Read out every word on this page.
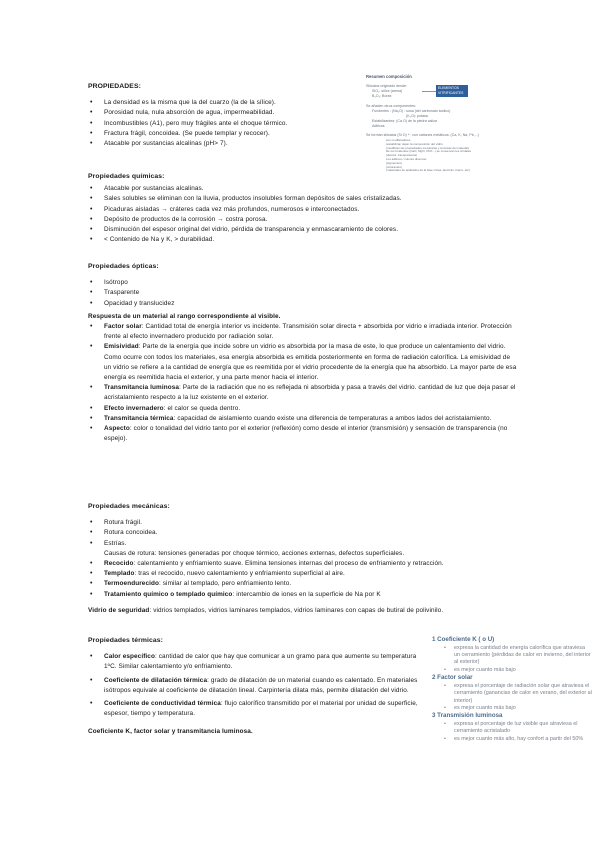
Resumen composición
Silicatos originado desde:
SiO₂: sílice (arena)
B₂O₃: Bórax
ELEMENTOS VITRIFICANTES
Se añaden otros componentes:
Fundentes : (Na₂O) : sosa (del carbonato sódico)
(K₂O): potasa
Estabilizantes: (Ca O) de la piedra caliza
Aditivos
Se forman silicatos (Si O) ⁴⁻ con cationes metálicos: (Ca, K, Na, Pb,...)
son modificadores
(estabilizan dejan la composición del vidrio
(modifican las propiedades mecánicas y térmicas del material)
De los fundentes (CaO, MgO, PbO...) se conservan los cristales
(dureza, transparencia)
Los aditivos / colores diversos:
(pigmentos)
(colorantes)
(materiales de acabados de la fase vítrea: aluminio, hierro, etc)

PROPIEDADES:

• La densidad es la misma que la del cuarzo (la de la sílice).
• Porosidad nula, nula absorción de agua, impermeabilidad.
• Incombustibles (A1), pero muy frágiles ante el choque térmico.
• Fractura frágil, concoidea. (Se puede templar y recocer).
• Atacable por sustancias alcalinas (pH> 7).

Propiedades químicas:

• Atacable por sustancias alcalinas.
• Sales solubles se eliminan con la lluvia, productos insolubles forman depósitos de sales cristalizadas.
• Picaduras aisladas → cráteres cada vez más profundos, numerosos e interconectados.
• Depósito de productos de la corrosión → costra porosa.
• Disminución del espesor original del vidrio, pérdida de transparencia y enmascaramiento de colores.
• < Contenido de Na y K, > durabilidad.

Propiedades ópticas:

• Isótropo
• Trasparente
• Opacidad y translucidez

Respuesta de un material al rango correspondiente al visible.

• Factor solar: Cantidad total de energía interior vs incidente. Transmisión solar directa + absorbida por vidrio e irradiada interior. Protección frente al efecto invernadero producido por radiación solar.
• Emisividad: Parte de la energía que incide sobre un vidrio es absorbida por la masa de este, lo que produce un calentamiento del vidrio. Como ocurre con todos los materiales, esa energía absorbida es emitida posteriormente en forma de radiación calorífica. La emisividad de un vidrio se refiere a la cantidad de energía que es reemitida por el vidrio procedente de la energía que ha absorbido. La mayor parte de esa energía es reemitida hacia el exterior, y una parte menor hacia el interior.
• Transmitancia luminosa: Parte de la radiación que no es reflejada ni absorbida y pasa a través del vidrio. cantidad de luz que deja pasar el acristalamiento respecto a la luz existente en el exterior.
• Efecto invernadero: el calor se queda dentro.
• Transmitancia térmica: capacidad de aislamiento cuando existe una diferencia de temperaturas a ambos lados del acristalamiento.
• Aspecto: color o tonalidad del vidrio tanto por el exterior (reflexión) como desde el interior (transmisión) y sensación de transparencia (no espejo).

Propiedades mecánicas:

• Rotura frágil.
• Rotura concoidea.
• Estrías.
Causas de rotura: tensiones generadas por choque térmico, acciones externas, defectos superficiales.
• Recocido: calentamiento y enfriamiento suave. Elimina tensiones internas del proceso de enfriamiento y retracción.
• Templado: tras el recocido, nuevo calentamiento y enfriamiento superficial al aire.
• Termoendurecido: similar al templado, pero enfriamiento lento.
• Tratamiento químico o templado químico: intercambio de iones en la superficie de Na por K

Vidrio de seguridad: vidrios templados, vidrios laminares templados, vidrios laminares con capas de butiral de polivinilo.

Propiedades térmicas:

• Calor específico: cantidad de calor que hay que comunicar a un gramo para que aumente su temperatura 1ºC. Similar calentamiento y/o enfriamiento.
• Coeficiente de dilatación térmica: grado de dilatación de un material cuando es calentado. En materiales isótropos equivale al coeficiente de dilatación lineal. Carpintería dilata más, permite dilatación del vidrio.
• Coeficiente de conductividad térmica: flujo calorífico transmitido por el material por unidad de superficie, espesor, tiempo y temperatura.

Coeficiente K, factor solar y transmitancia luminosa.

1 Coeficiente K ( o U)
• expresa la cantidad de energía calorífica que atraviesa un cerramiento (pérdidas de calor en invierno, del interior al exterior)
• es mejor cuanto más bajo
2 Factor solar
• expresa el porcentaje de radiación solar que atraviesa el cerramiento (ganancias de calor en verano, del exterior al interior)
• es mejor cuanto más bajo
3 Transmisión luminosa
• expresa el porcentaje de luz visible que atraviesa el cerramiento acristalado
• es mejor cuanto más alto, hay confort a partir del 50%
